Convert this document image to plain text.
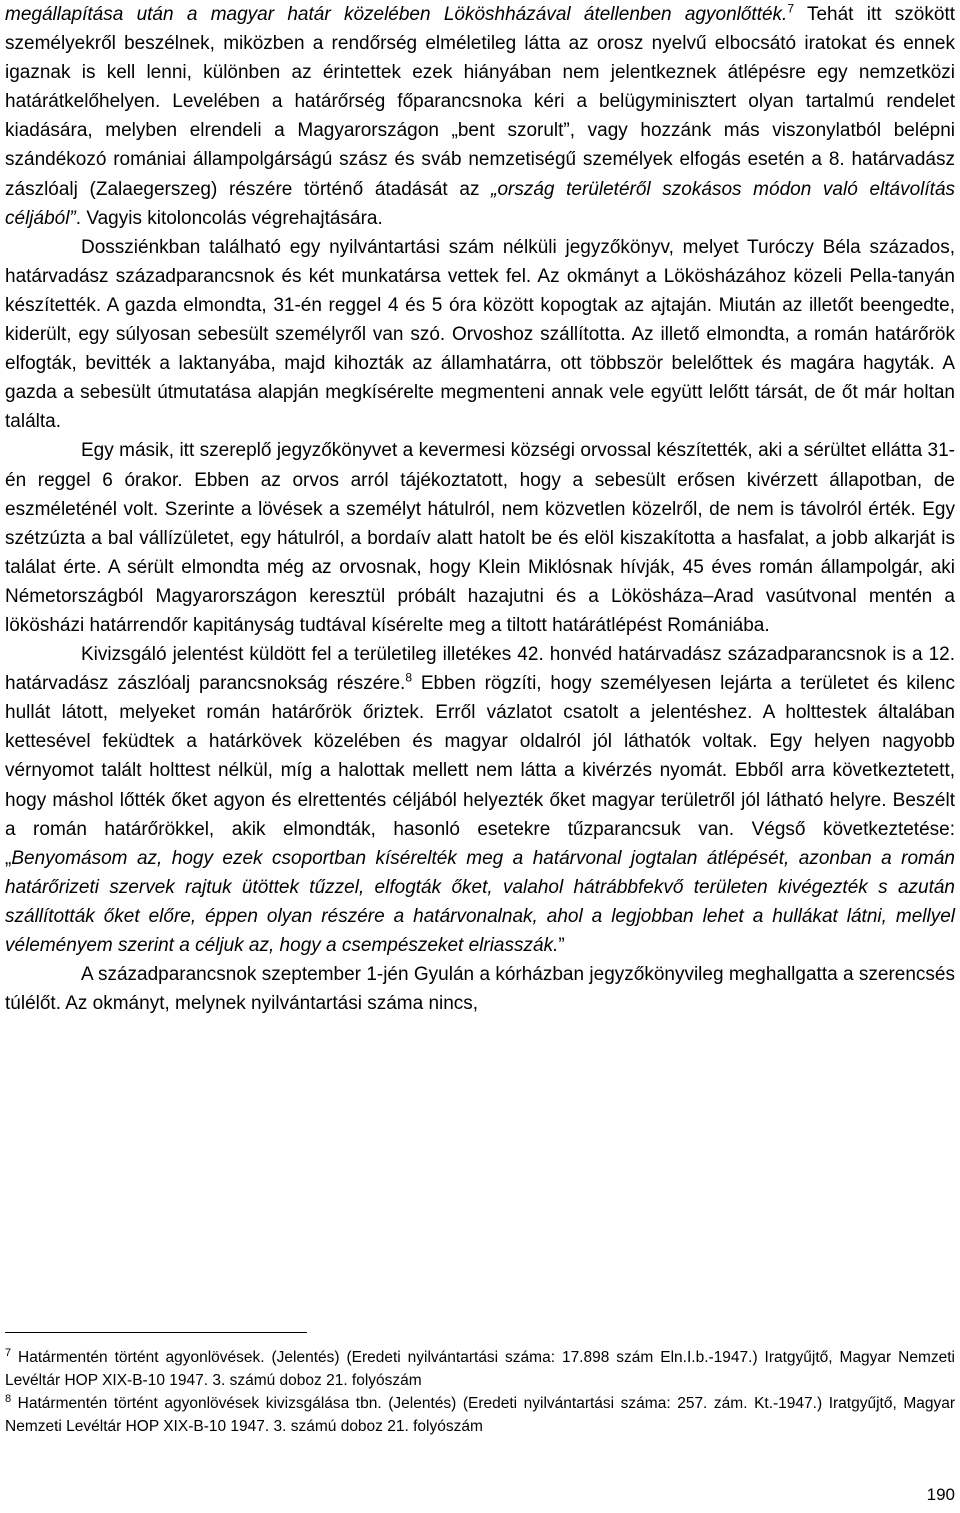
megállapítása után a magyar határ közelében Lököshházával átellenben agyonlőtték.$^7$ Tehát itt szökött személyekről beszélnek, miközben a rendőrség elméletileg látta az orosz nyelvű elbocsátó iratokat és ennek igaznak is kell lenni, különben az érintettek ezek hiányában nem jelentkeznek átlépésre egy nemzetközi határátkelőhelyen. Levelében a határőrség főparancsnoka kéri a belügyminisztert olyan tartalmú rendelet kiadására, melyben elrendeli a Magyarországon „bent szorult”, vagy hozzánk más viszonylatból belépni szándékozó romániai állampolgárságú szász és sváb nemzetiségű személyek elfogás esetén a 8. határvadász zászlóalj (Zalaegerszeg) részére történő átadását az „ország területéről szokásos módon való eltávolítás céljából”. Vagyis kitoloncolás végrehajtására.

Dossziénkban található egy nyilvántartási szám nélküli jegyzőkönyv, melyet Turóczy Béla százados, határvadász századparancsnok és két munkatársa vettek fel. Az okmányt a Lökösházához közeli Pella-tanyán készítették. A gazda elmondta, 31-én reggel 4 és 5 óra között kopogtak az ajtaján. Miután az illetőt beengedte, kiderült, egy súlyosan sebesült személyről van szó. Orvoshoz szállította. Az illető elmondta, a román határőrök elfogták, bevitték a laktanyába, majd kihozták az államhatárra, ott többször belelőttek és magára hagyták. A gazda a sebesült útmutatása alapján megkísérelte megmenteni annak vele együtt lelőtt társát, de őt már holtan találta.

Egy másik, itt szereplő jegyzőkönyvet a kevermesi községi orvossal készítették, aki a sérültet ellátta 31-én reggel 6 órakor. Ebben az orvos arról tájékoztatott, hogy a sebesült erősen kivérzett állapotban, de eszméleténél volt. Szerinte a lövések a személyt hátulról, nem közvetlen közelről, de nem is távolról érték. Egy szétzúzta a bal vállízületet, egy hátulról, a bordaív alatt hatolt be és elöl kiszakította a hasfalat, a jobb alkarját is találat érte. A sérült elmondta még az orvosnak, hogy Klein Miklósnak hívják, 45 éves román állampolgár, aki Németországból Magyarországon keresztül próbált hazajutni és a Lökösháza–Arad vasútvonal mentén a lökösházi határrendőr kapitányság tudtával kísérelte meg a tiltott határátlépést Romániába.

Kivizsgáló jelentést küldött fel a területileg illetékes 42. honvéd határvadász századparancsnok is a 12. határvadász zászlóalj parancsnokság részére.$^8$ Ebben rögzíti, hogy személyesen lejárta a területet és kilenc hullát látott, melyeket román határőrök őriztek. Erről vázlatot csatolt a jelentéshez. A holttestek általában kettesével feküdtek a határkövek közelében és magyar oldalról jól láthatók voltak. Egy helyen nagyobb vérnyomot talált holttest nélkül, míg a halottak mellett nem látta a kivérzés nyomát. Ebből arra következtetett, hogy máshol lőtték őket agyon és elrettentés céljából helyezték őket magyar területről jól látható helyre. Beszélt a román határőrökkel, akik elmondták, hasonló esetekre tűzparancsuk van. Végső következtetése: „Benyomásom az, hogy ezek csoportban kísérelték meg a határvonal jogtalan átlépését, azonban a román határőrizeti szervek rajtuk ütöttek tűzzel, elfogták őket, valahol hátrábbfekvő területen kivégezték s azután szállították őket előre, éppen olyan részére a határvonalnak, ahol a legjobban lehet a hullákat látni, mellyel véleményem szerint a céljuk az, hogy a csempészeket elriasszák.”

A századparancsnok szeptember 1-jén Gyulán a kórházban jegyzőkönyvileg meghallgatta a szerencsés túlélőt. Az okmányt, melynek nyilvántartási száma nincs,

$^7$ Határmentén történt agyonlövések. (Jelentés) (Eredeti nyilvántartási száma: 17.898 szám Eln.I.b.-1947.) Iratgyűjtő, Magyar Nemzeti Levéltár HOP XIX-B-10 1947. 3. számú doboz 21. folyószám

$^8$ Határmentén történt agyonlövések kivizsgálása tbn. (Jelentés) (Eredeti nyilvántartási száma: 257. zám. Kt.-1947.) Iratgyűjtő, Magyar Nemzeti Levéltár HOP XIX-B-10 1947. 3. számú doboz 21. folyószám

190
